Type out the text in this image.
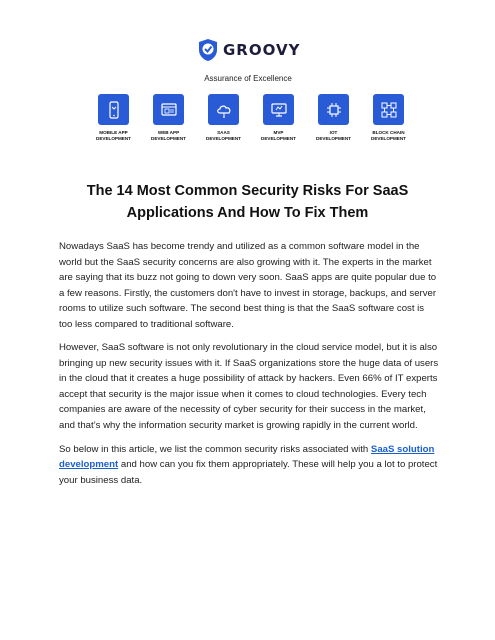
GROOVY
Assurance of Excellence
MOBILE APP
DEVELOPMENT
WEB APP
DEVELOPMENT
SAAS
DEVELOPMENT
MVP
DEVELOPMENT
IOT
DEVELOPMENT
BLOCK CHAIN
DEVELOPMENT
The 14 Most Common Security Risks For SaaS
Applications And How To Fix Them

Nowadays SaaS has become trendy and utilized as a common software model in the world but the SaaS security concerns are also growing with it. The experts in the market are saying that its buzz not going to down very soon. SaaS apps are quite popular due to a few reasons. Firstly, the customers don't have to invest in storage, backups, and server rooms to utilize such software. The second best thing is that the SaaS software cost is too less compared to traditional software.

However, SaaS software is not only revolutionary in the cloud service model, but it is also bringing up new security issues with it. If SaaS organizations store the huge data of users in the cloud that it creates a huge possibility of attack by hackers. Even 66% of IT experts accept that security is the major issue when it comes to cloud technologies. Every tech companies are aware of the necessity of cyber security for their success in the market, and that’s why the information security market is growing rapidly in the current world.

So below in this article, we list the common security risks associated with SaaS solution development and how can you fix them appropriately. These will help you a lot to protect your business data.
